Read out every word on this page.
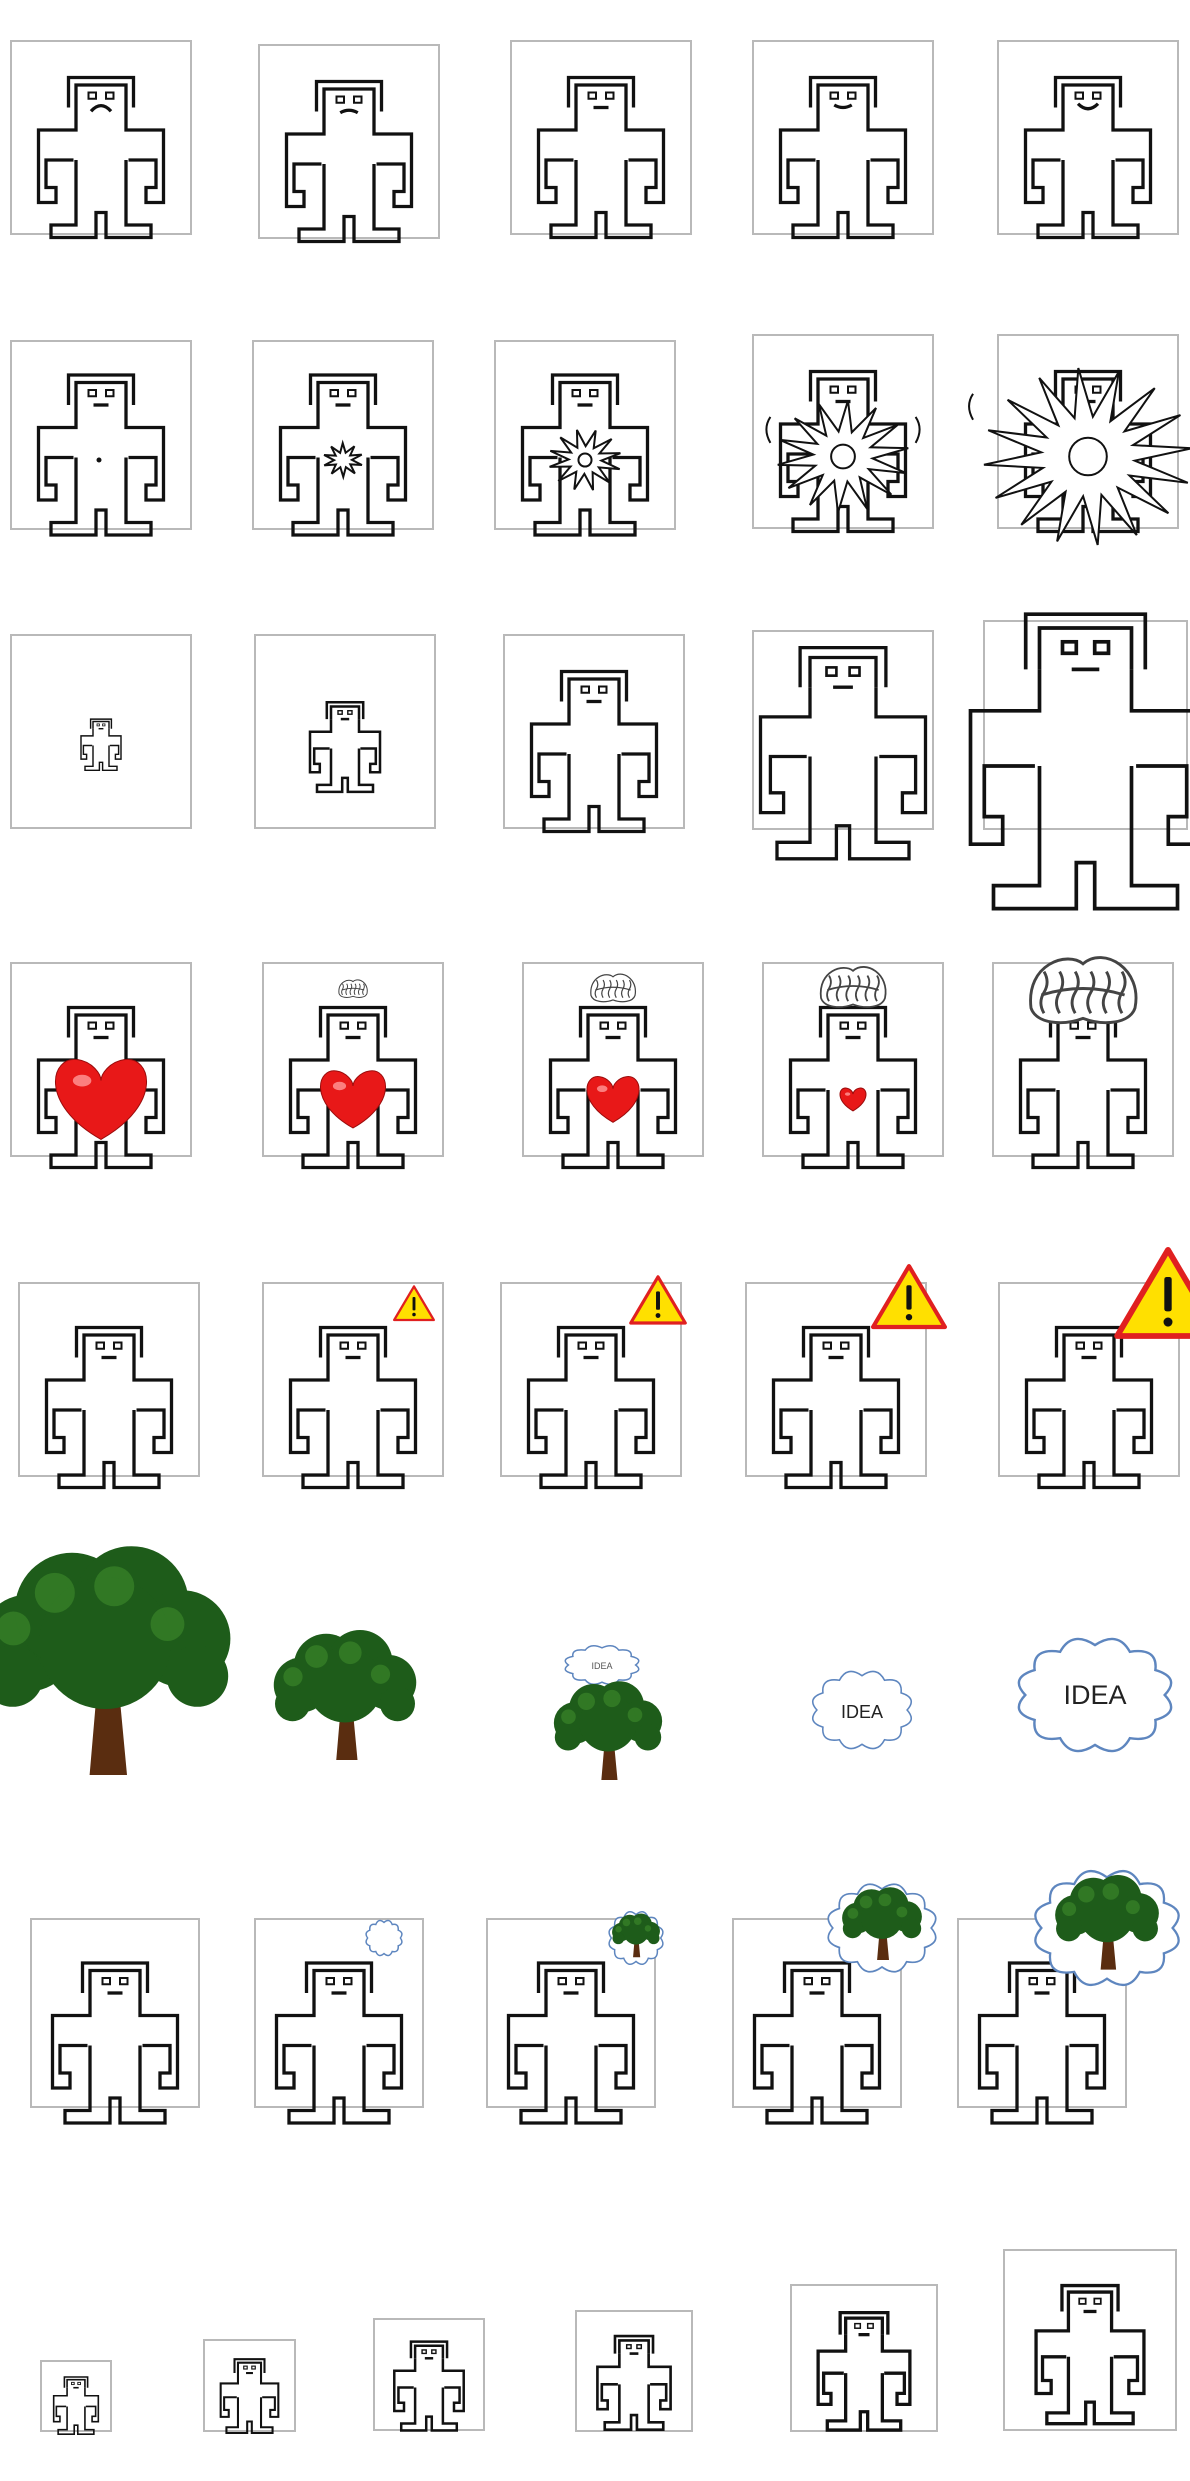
IDEA
IDEA
IDEA
